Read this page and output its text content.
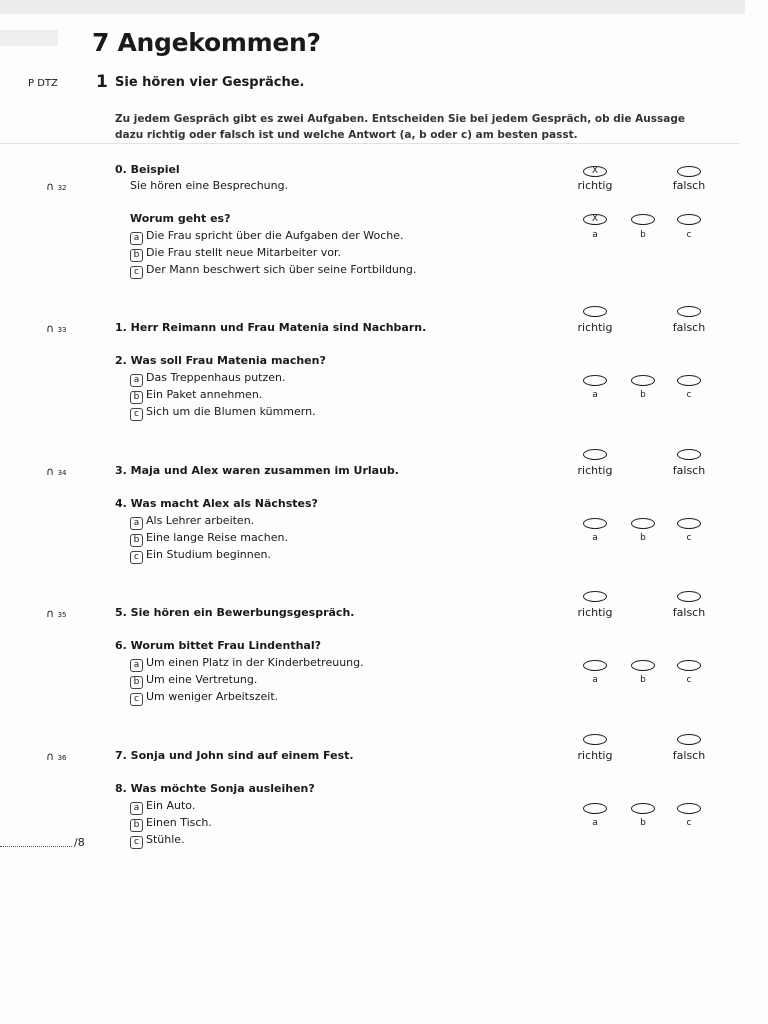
7 Angekommen?
P DTZ 1 Sie hören vier Gespräche.
Zu jedem Gespräch gibt es zwei Aufgaben. Entscheiden Sie bei jedem Gespräch, ob die Aussage dazu richtig oder falsch ist und welche Antwort (a, b oder c) am besten passt.
∩ 32
0. Beispiel
Sie hören eine Besprechung.
Worum geht es?
a Die Frau spricht über die Aufgaben der Woche.
b Die Frau stellt neue Mitarbeiter vor.
c Der Mann beschwert sich über seine Fortbildung.
X
richtig	falsch
X
a	b	c
∩ 33	1. Herr Reimann und Frau Matenia sind Nachbarn.	richtig	falsch
2. Was soll Frau Matenia machen?
a Das Treppenhaus putzen.
b Ein Paket annehmen.
c Sich um die Blumen kümmern.
a	b	c
∩ 34	3. Maja und Alex waren zusammen im Urlaub.	richtig	falsch
4. Was macht Alex als Nächstes?
a Als Lehrer arbeiten.
b Eine lange Reise machen.
c Ein Studium beginnen.
a	b	c
∩ 35	5. Sie hören ein Bewerbungsgespräch.	richtig	falsch
6. Worum bittet Frau Lindenthal?
a Um einen Platz in der Kinderbetreuung.
b Um eine Vertretung.
c Um weniger Arbeitszeit.
a	b	c
∩ 36	7. Sonja und John sind auf einem Fest.	richtig	falsch
8. Was möchte Sonja ausleihen?
a Ein Auto.
b Einen Tisch.
c Stühle.
a	b	c
/8
